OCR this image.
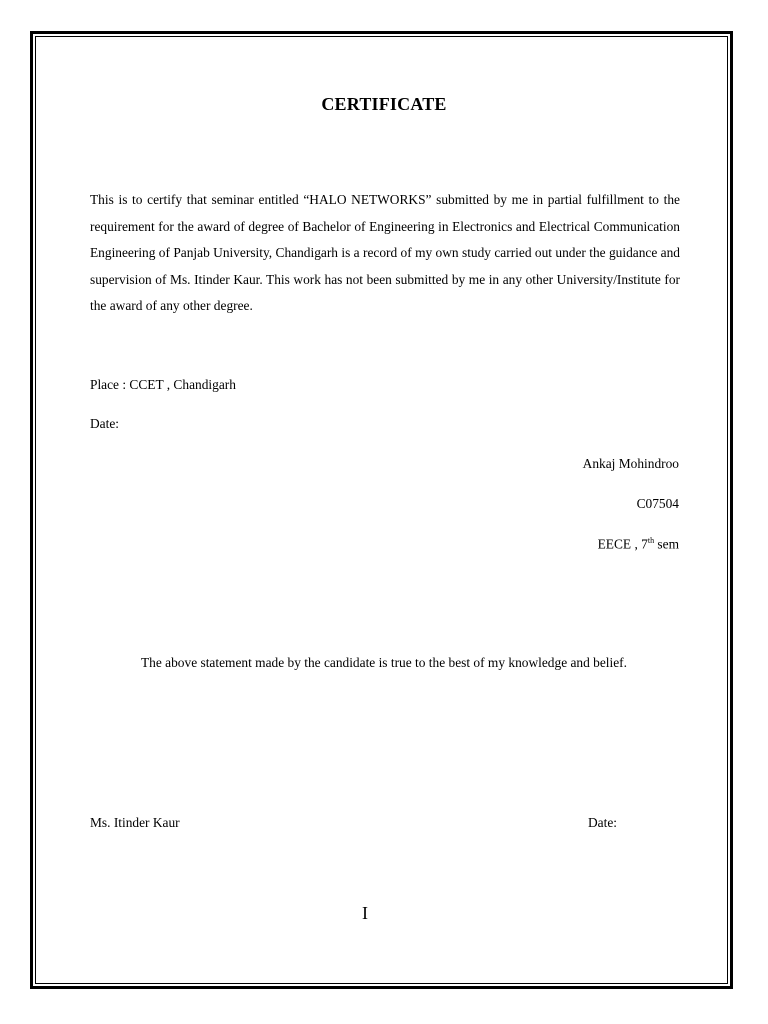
CERTIFICATE

This is to certify that seminar entitled “HALO NETWORKS” submitted by me in partial fulfillment to the requirement for the award of degree of Bachelor of Engineering in Electronics and Electrical Communication Engineering of Panjab University, Chandigarh is a record of my own study carried out under the guidance and supervision of Ms. Itinder Kaur. This work has not been submitted by me in any other University/Institute for the award of any other degree.

Place : CCET , Chandigarh
Date:
Ankaj Mohindroo
C07504
EECE , 7th sem
The above statement made by the candidate is true to the best of my knowledge and belief.
Ms. Itinder Kaur	Date:
I
